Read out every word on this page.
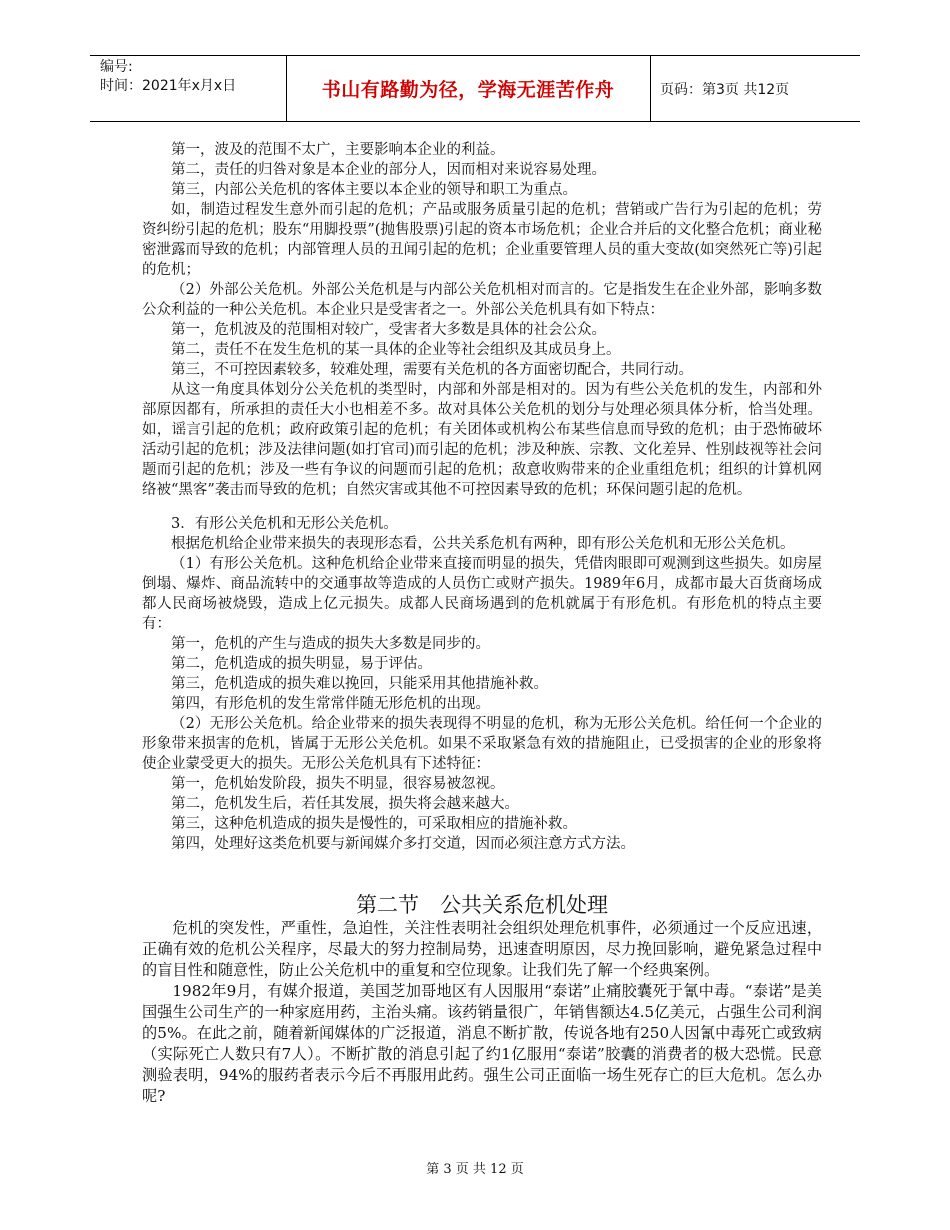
编号:
时间：2021年x月x日	书山有路勤为径，学海无涯苦作舟	页码：第3页 共12页

第一，波及的范围不太广，主要影响本企业的利益。

第二，责任的归咎对象是本企业的部分人，因而相对来说容易处理。

第三，内部公关危机的客体主要以本企业的领导和职工为重点。

如，制造过程发生意外而引起的危机；产品或服务质量引起的危机；营销或广告行为引起的危机；劳资纠纷引起的危机；股东“用脚投票”(抛售股票)引起的资本市场危机；企业合并后的文化整合危机；商业秘密泄露而导致的危机；内部管理人员的丑闻引起的危机；企业重要管理人员的重大变故(如突然死亡等)引起的危机；

（2）外部公关危机。外部公关危机是与内部公关危机相对而言的。它是指发生在企业外部，影响多数公众利益的一种公关危机。本企业只是受害者之一。外部公关危机具有如下特点：

第一，危机波及的范围相对较广，受害者大多数是具体的社会公众。

第二，责任不在发生危机的某一具体的企业等社会组织及其成员身上。

第三，不可控因素较多，较难处理，需要有关危机的各方面密切配合，共同行动。

从这一角度具体划分公关危机的类型时，内部和外部是相对的。因为有些公关危机的发生，内部和外部原因都有，所承担的责任大小也相差不多。故对具体公关危机的划分与处理必须具体分析，恰当处理。如，谣言引起的危机；政府政策引起的危机；有关团体或机构公布某些信息而导致的危机；由于恐怖破坏活动引起的危机；涉及法律问题(如打官司)而引起的危机；涉及种族、宗教、文化差异、性别歧视等社会问题而引起的危机；涉及一些有争议的问题而引起的危机；敌意收购带来的企业重组危机；组织的计算机网络被“黑客”袭击而导致的危机；自然灾害或其他不可控因素导致的危机；环保问题引起的危机。

3．有形公关危机和无形公关危机。

根据危机给企业带来损失的表现形态看，公共关系危机有两种，即有形公关危机和无形公关危机。

（1）有形公关危机。这种危机给企业带来直接而明显的损失，凭借肉眼即可观测到这些损失。如房屋倒塌、爆炸、商品流转中的交通事故等造成的人员伤亡或财产损失。1989年6月，成都市最大百货商场成都人民商场被烧毁，造成上亿元损失。成都人民商场遇到的危机就属于有形危机。有形危机的特点主要有：

第一，危机的产生与造成的损失大多数是同步的。

第二，危机造成的损失明显，易于评估。

第三，危机造成的损失难以挽回，只能采用其他措施补救。

第四，有形危机的发生常常伴随无形危机的出现。

（2）无形公关危机。给企业带来的损失表现得不明显的危机，称为无形公关危机。给任何一个企业的形象带来损害的危机，皆属于无形公关危机。如果不采取紧急有效的措施阻止，已受损害的企业的形象将使企业蒙受更大的损失。无形公关危机具有下述特征：

第一，危机始发阶段，损失不明显，很容易被忽视。

第二，危机发生后，若任其发展，损失将会越来越大。

第三，这种危机造成的损失是慢性的，可采取相应的措施补救。

第四，处理好这类危机要与新闻媒介多打交道，因而必须注意方式方法。

第二节　公共关系危机处理

危机的突发性，严重性，急迫性，关注性表明社会组织处理危机事件，必须通过一个反应迅速，正确有效的危机公关程序，尽最大的努力控制局势，迅速查明原因，尽力挽回影响，避免紧急过程中的盲目性和随意性，防止公关危机中的重复和空位现象。让我们先了解一个经典案例。

1982年9月，有媒介报道，美国芝加哥地区有人因服用“泰诺”止痛胶囊死于氰中毒。“泰诺”是美国强生公司生产的一种家庭用药，主治头痛。该药销量很广，年销售额达4.5亿美元，占强生公司利润的5%。在此之前，随着新闻媒体的广泛报道，消息不断扩散，传说各地有250人因氰中毒死亡或致病（实际死亡人数只有7人）。不断扩散的消息引起了约1亿服用“泰诺”胶囊的消费者的极大恐慌。民意测验表明，94%的服药者表示今后不再服用此药。强生公司正面临一场生死存亡的巨大危机。怎么办呢?

第 3 页 共 12 页
